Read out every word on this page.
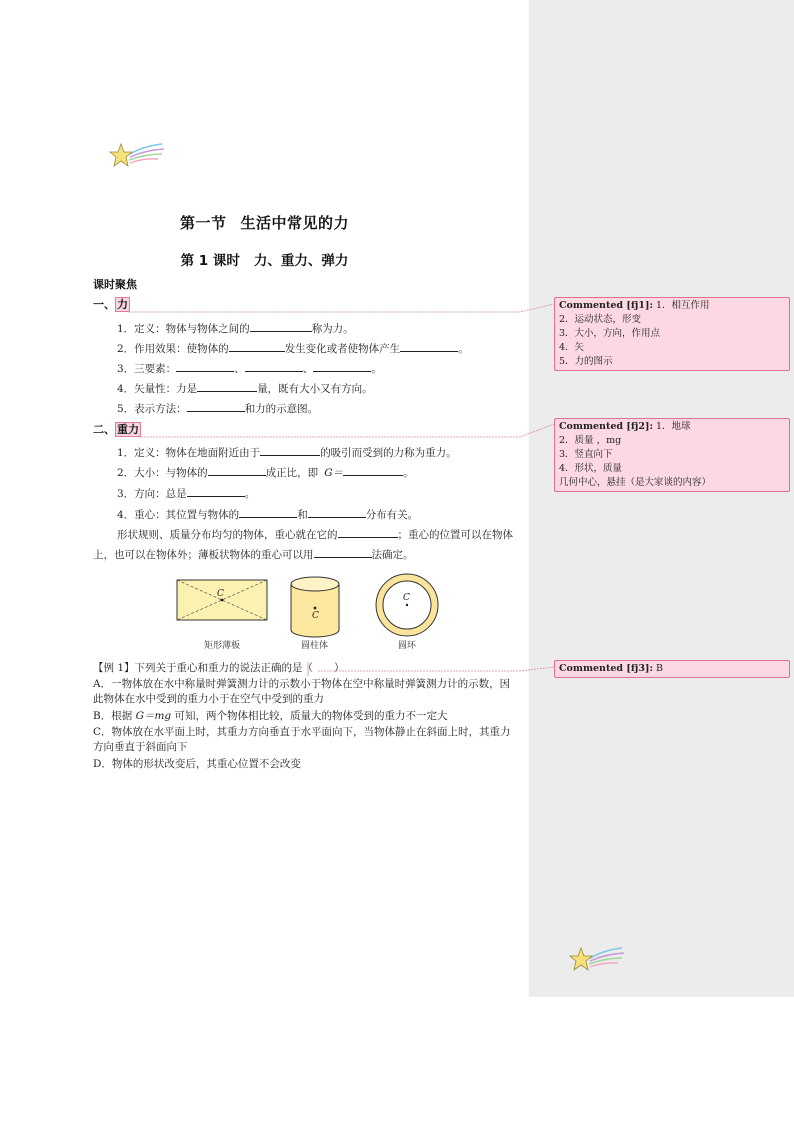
第一节 生活中常见的力
第 1 课时 力、重力、弹力
课时聚焦
一、 力
1．定义：物体与物体之间的	称为力。
2．作用效果：使物体的	发生变化或者使物体产生	。
3．三要素：	、	、	。
4．矢量性：力是	量，既有大小又有方向。
5．表示方法：	和力的示意图。
二、 重力
1．定义：物体在地面附近由于	的吸引而受到的力称为重力。
2．大小：与物体的	成正比，即 G＝	。
3．方向：总是	。
4．重心：其位置与物体的	和	分布有关。
形状规则、质量分布均匀的物体，重心就在它的	；重心的位置可以在物体
上，也可以在物体外；薄板状物体的重心可以用	法确定。
C
C
C
矩形薄板	圆柱体	圆环
【例 1】下列关于重心和重力的说法正确的是（　　）
A．一物体放在水中称量时弹簧测力计的示数小于物体在空中称量时弹簧测力计的示数，因
此物体在水中受到的重力小于在空气中受到的重力
B．根据 G＝mg 可知，两个物体相比较，质量大的物体受到的重力不一定大
C．物体放在水平面上时，其重力方向垂直于水平面向下，当物体静止在斜面上时，其重力
方向垂直于斜面向下
D．物体的形状改变后，其重心位置不会改变
Commented [fj1]: 1．相互作用
2．运动状态，形变
3．大小，方向，作用点
4．矢
5．力的图示
Commented [fj2]: 1．地球
2．质量 ，mg
3．竖直向下
4．形状，质量
几何中心，悬挂（是大家谈的内容）
Commented [fj3]: B
